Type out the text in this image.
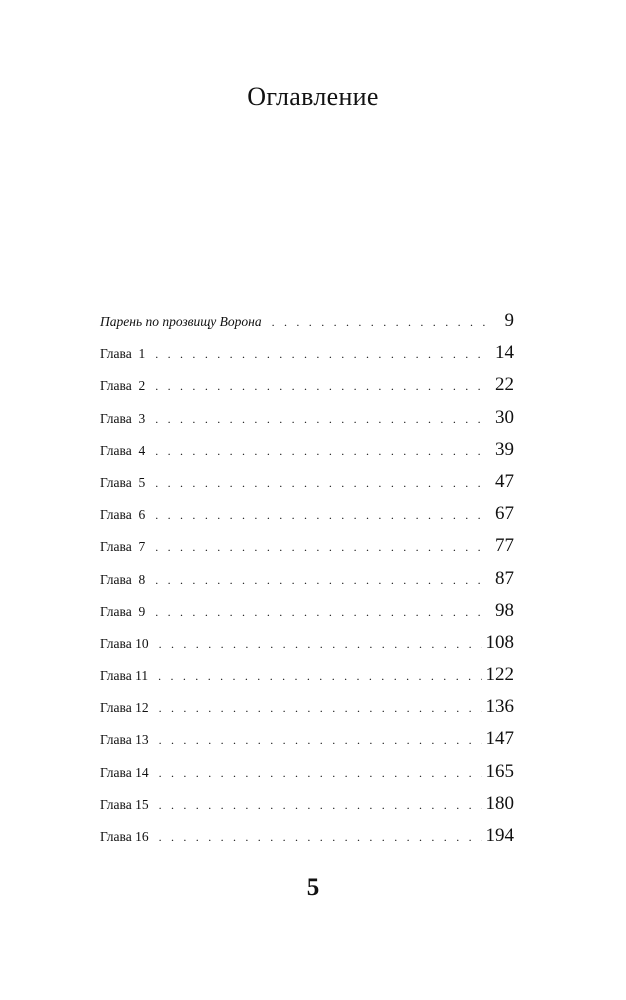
Оглавление
Парень по прозвищу Ворона . . .	9
Глава  1 . . .	14
Глава  2 . . .	22
Глава  3 . . .	30
Глава  4 . . .	39
Глава  5 . . .	47
Глава  6 . . .	67
Глава  7 . . .	77
Глава  8 . . .	87
Глава  9 . . .	98
Глава 10 . . .	108
Глава 11 . . .	122
Глава 12 . . .	136
Глава 13 . . .	147
Глава 14 . . .	165
Глава 15 . . .	180
Глава 16 . . .	194
5
